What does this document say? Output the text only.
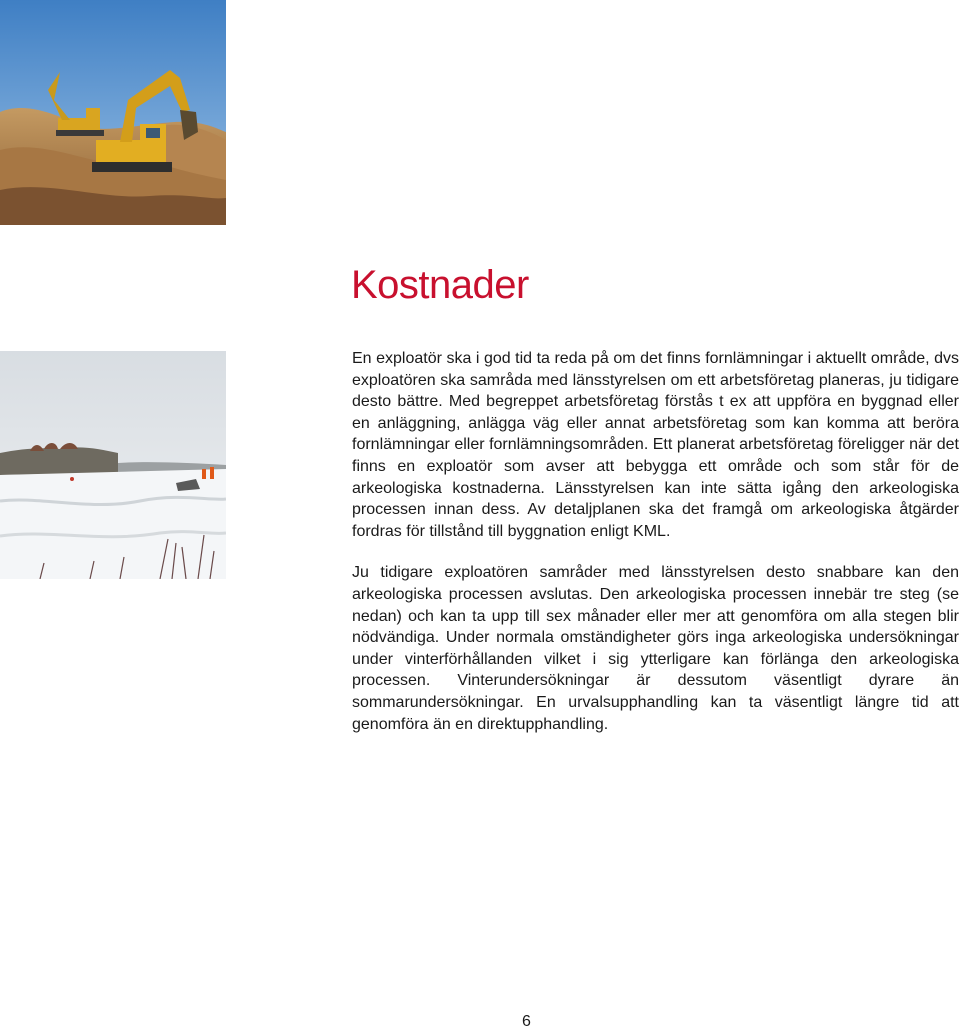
Kostnader

En exploatör ska i god tid ta reda på om det finns fornlämningar i aktuellt område, dvs exploatören ska samråda med länsstyrelsen om ett arbetsföretag planeras, ju tidigare desto bättre. Med begreppet arbetsföretag förstås t ex att uppföra en byggnad eller en anläggning, anlägga väg eller annat arbetsföretag som kan komma att beröra fornlämningar eller fornlämningsområden. Ett planerat arbetsföretag föreligger när det finns en exploatör som avser att bebygga ett område och som står för de arkeologiska kostnaderna. Länsstyrelsen kan inte sätta igång den arkeologiska processen innan dess. Av detaljplanen ska det framgå om arkeologiska åtgärder fordras för tillstånd till byggnation enligt KML.

Ju tidigare exploatören samråder med länsstyrelsen desto snabbare kan den arkeologiska processen avslutas. Den arkeologiska processen innebär tre steg (se nedan) och kan ta upp till sex månader eller mer att genomföra om alla stegen blir nödvändiga. Under normala omständigheter görs inga arkeologiska undersökningar under vinterförhållanden vilket i sig ytterligare kan förlänga den arkeologiska processen. Vinterundersökningar är dessutom väsentligt dyrare än sommarundersökningar. En urvalsupphandling kan ta väsentligt längre tid att genomföra än en direktupphandling.

6
